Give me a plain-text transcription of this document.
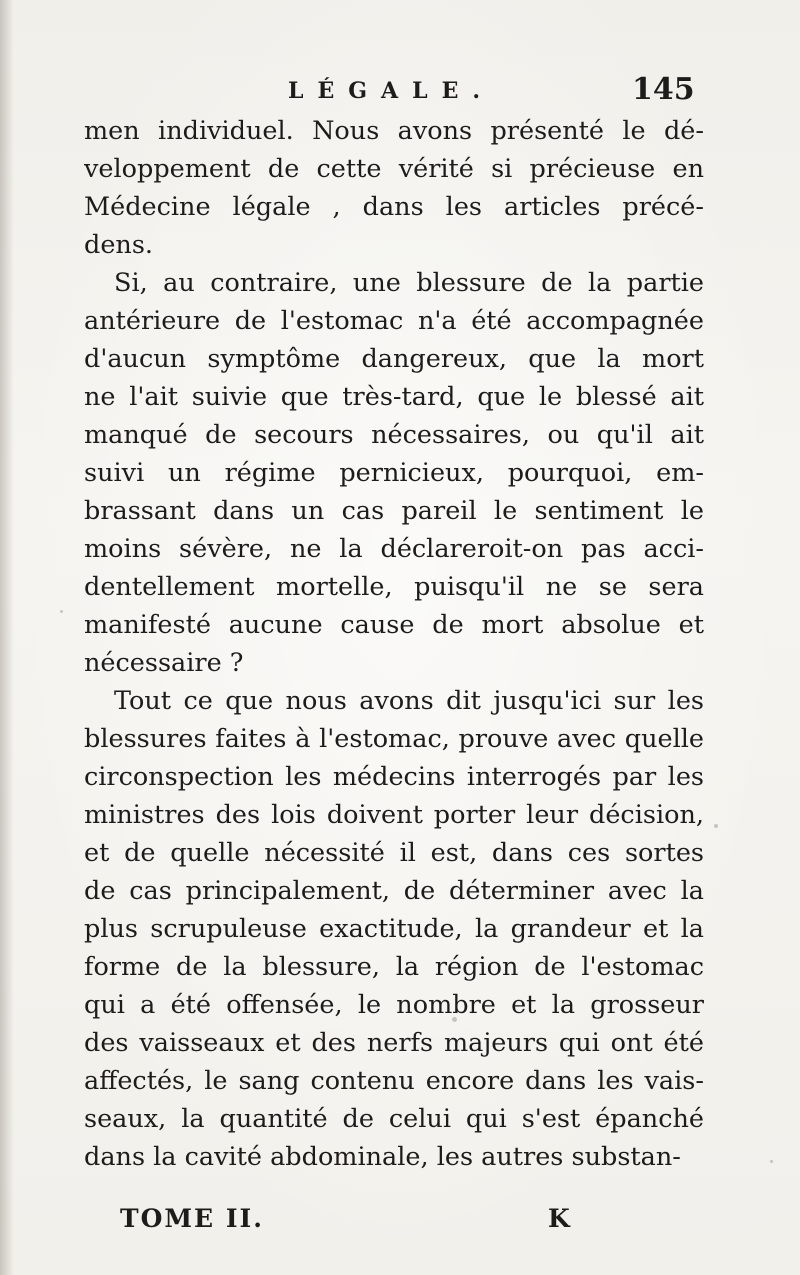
LÉGALE.	145
men individuel. Nous avons présenté le dé-
veloppement de cette vérité si précieuse en
Médecine légale , dans les articles précé-
dens.
Si, au contraire, une blessure de la partie
antérieure de l'estomac n'a été accompagnée
d'aucun symptôme dangereux, que la mort
ne l'ait suivie que très-tard, que le blessé ait
manqué de secours nécessaires, ou qu'il ait
suivi un régime pernicieux, pourquoi, em-
brassant dans un cas pareil le sentiment le
moins sévère, ne la déclareroit-on pas acci-
dentellement mortelle, puisqu'il ne se sera
manifesté aucune cause de mort absolue et
nécessaire ?
Tout ce que nous avons dit jusqu'ici sur les
blessures faites à l'estomac, prouve avec quelle
circonspection les médecins interrogés par les
ministres des lois doivent porter leur décision,
et de quelle nécessité il est, dans ces sortes
de cas principalement, de déterminer avec la
plus scrupuleuse exactitude, la grandeur et la
forme de la blessure, la région de l'estomac
qui a été offensée, le nombre et la grosseur
des vaisseaux et des nerfs majeurs qui ont été
affectés, le sang contenu encore dans les vais-
seaux, la quantité de celui qui s'est épanché
dans la cavité abdominale, les autres substan-
TOME II.	K
